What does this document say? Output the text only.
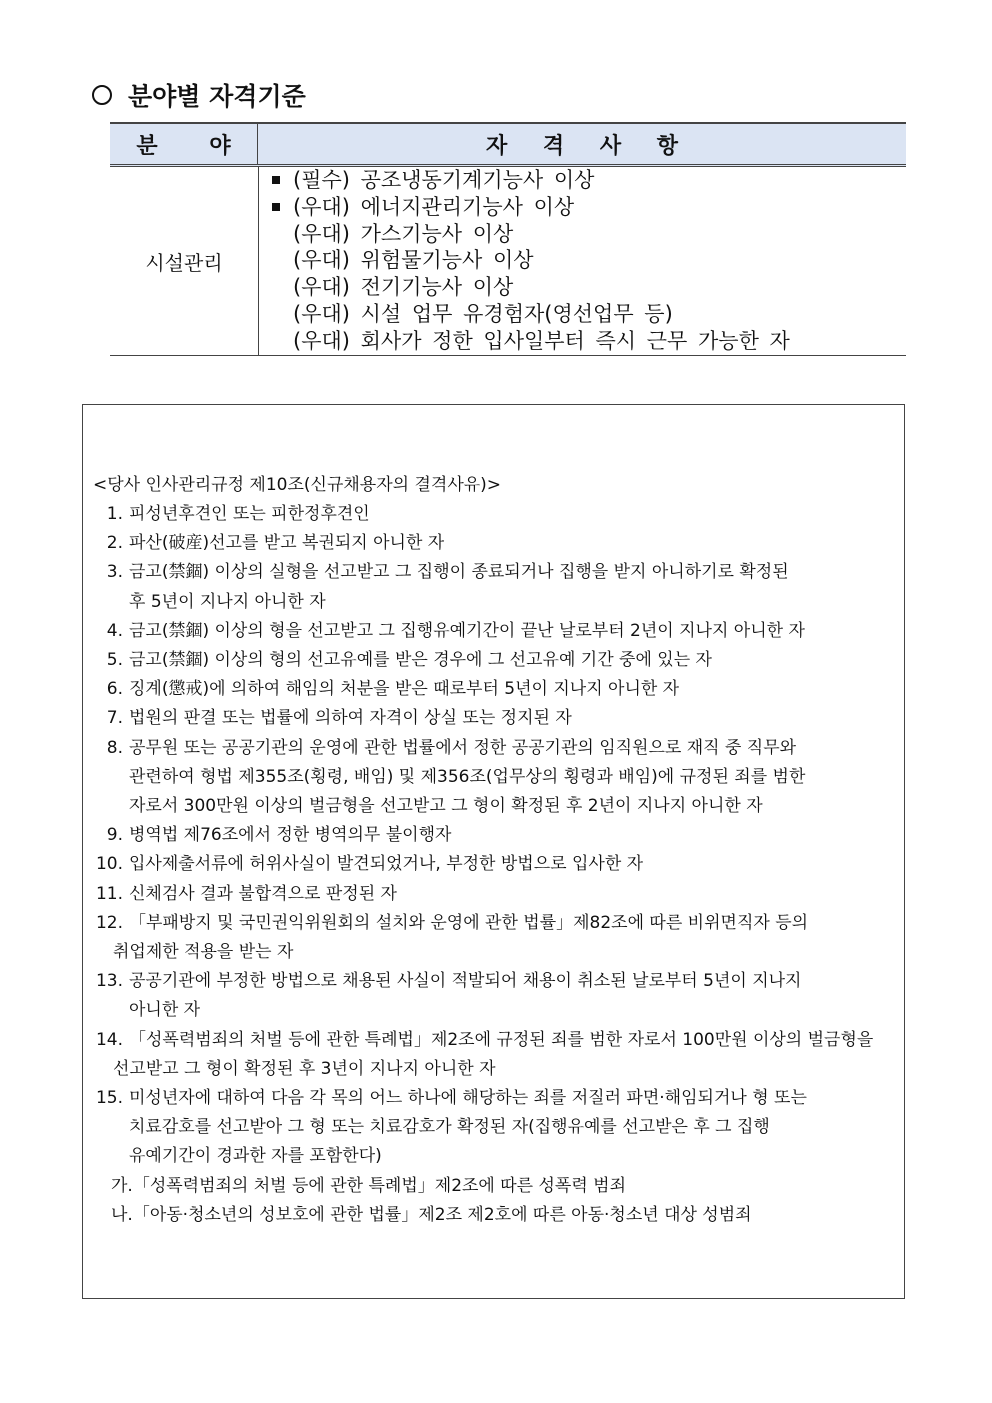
분야별 자격기준
분 야	자 격 사 항
시설관리
(필수) 공조냉동기계기능사 이상
(우대) 에너지관리기능사 이상
(우대) 가스기능사 이상
(우대) 위험물기능사 이상
(우대) 전기기능사 이상
(우대) 시설 업무 유경험자(영선업무 등)
(우대) 회사가 정한 입사일부터 즉시 근무 가능한 자
<당사 인사관리규정 제10조(신규채용자의 결격사유)>
1. 피성년후견인 또는 피한정후견인
2. 파산(破産)선고를 받고 복권되지 아니한 자
3. 금고(禁錮) 이상의 실형을 선고받고 그 집행이 종료되거나 집행을 받지 아니하기로 확정된
후 5년이 지나지 아니한 자
4. 금고(禁錮) 이상의 형을 선고받고 그 집행유예기간이 끝난 날로부터 2년이 지나지 아니한 자
5. 금고(禁錮) 이상의 형의 선고유예를 받은 경우에 그 선고유예 기간 중에 있는 자
6. 징계(懲戒)에 의하여 해임의 처분을 받은 때로부터 5년이 지나지 아니한 자
7. 법원의 판결 또는 법률에 의하여 자격이 상실 또는 정지된 자
8. 공무원 또는 공공기관의 운영에 관한 법률에서 정한 공공기관의 임직원으로 재직 중 직무와
관련하여 형법 제355조(횡령, 배임) 및 제356조(업무상의 횡령과 배임)에 규정된 죄를 범한
자로서 300만원 이상의 벌금형을 선고받고 그 형이 확정된 후 2년이 지나지 아니한 자
9. 병역법 제76조에서 정한 병역의무 불이행자
10. 입사제출서류에 허위사실이 발견되었거나, 부정한 방법으로 입사한 자
11. 신체검사 결과 불합격으로 판정된 자
12. 「부패방지 및 국민권익위원회의 설치와 운영에 관한 법률」제82조에 따른 비위면직자 등의
취업제한 적용을 받는 자
13. 공공기관에 부정한 방법으로 채용된 사실이 적발되어 채용이 취소된 날로부터 5년이 지나지
아니한 자
14. 「성폭력범죄의 처벌 등에 관한 특례법」제2조에 규정된 죄를 범한 자로서 100만원 이상의 벌금형을
선고받고 그 형이 확정된 후 3년이 지나지 아니한 자
15. 미성년자에 대하여 다음 각 목의 어느 하나에 해당하는 죄를 저질러 파면·해임되거나 형 또는
치료감호를 선고받아 그 형 또는 치료감호가 확정된 자(집행유예를 선고받은 후 그 집행
유예기간이 경과한 자를 포함한다)
가.「성폭력범죄의 처벌 등에 관한 특례법」제2조에 따른 성폭력 범죄
나.「아동·청소년의 성보호에 관한 법률」제2조 제2호에 따른 아동·청소년 대상 성범죄
